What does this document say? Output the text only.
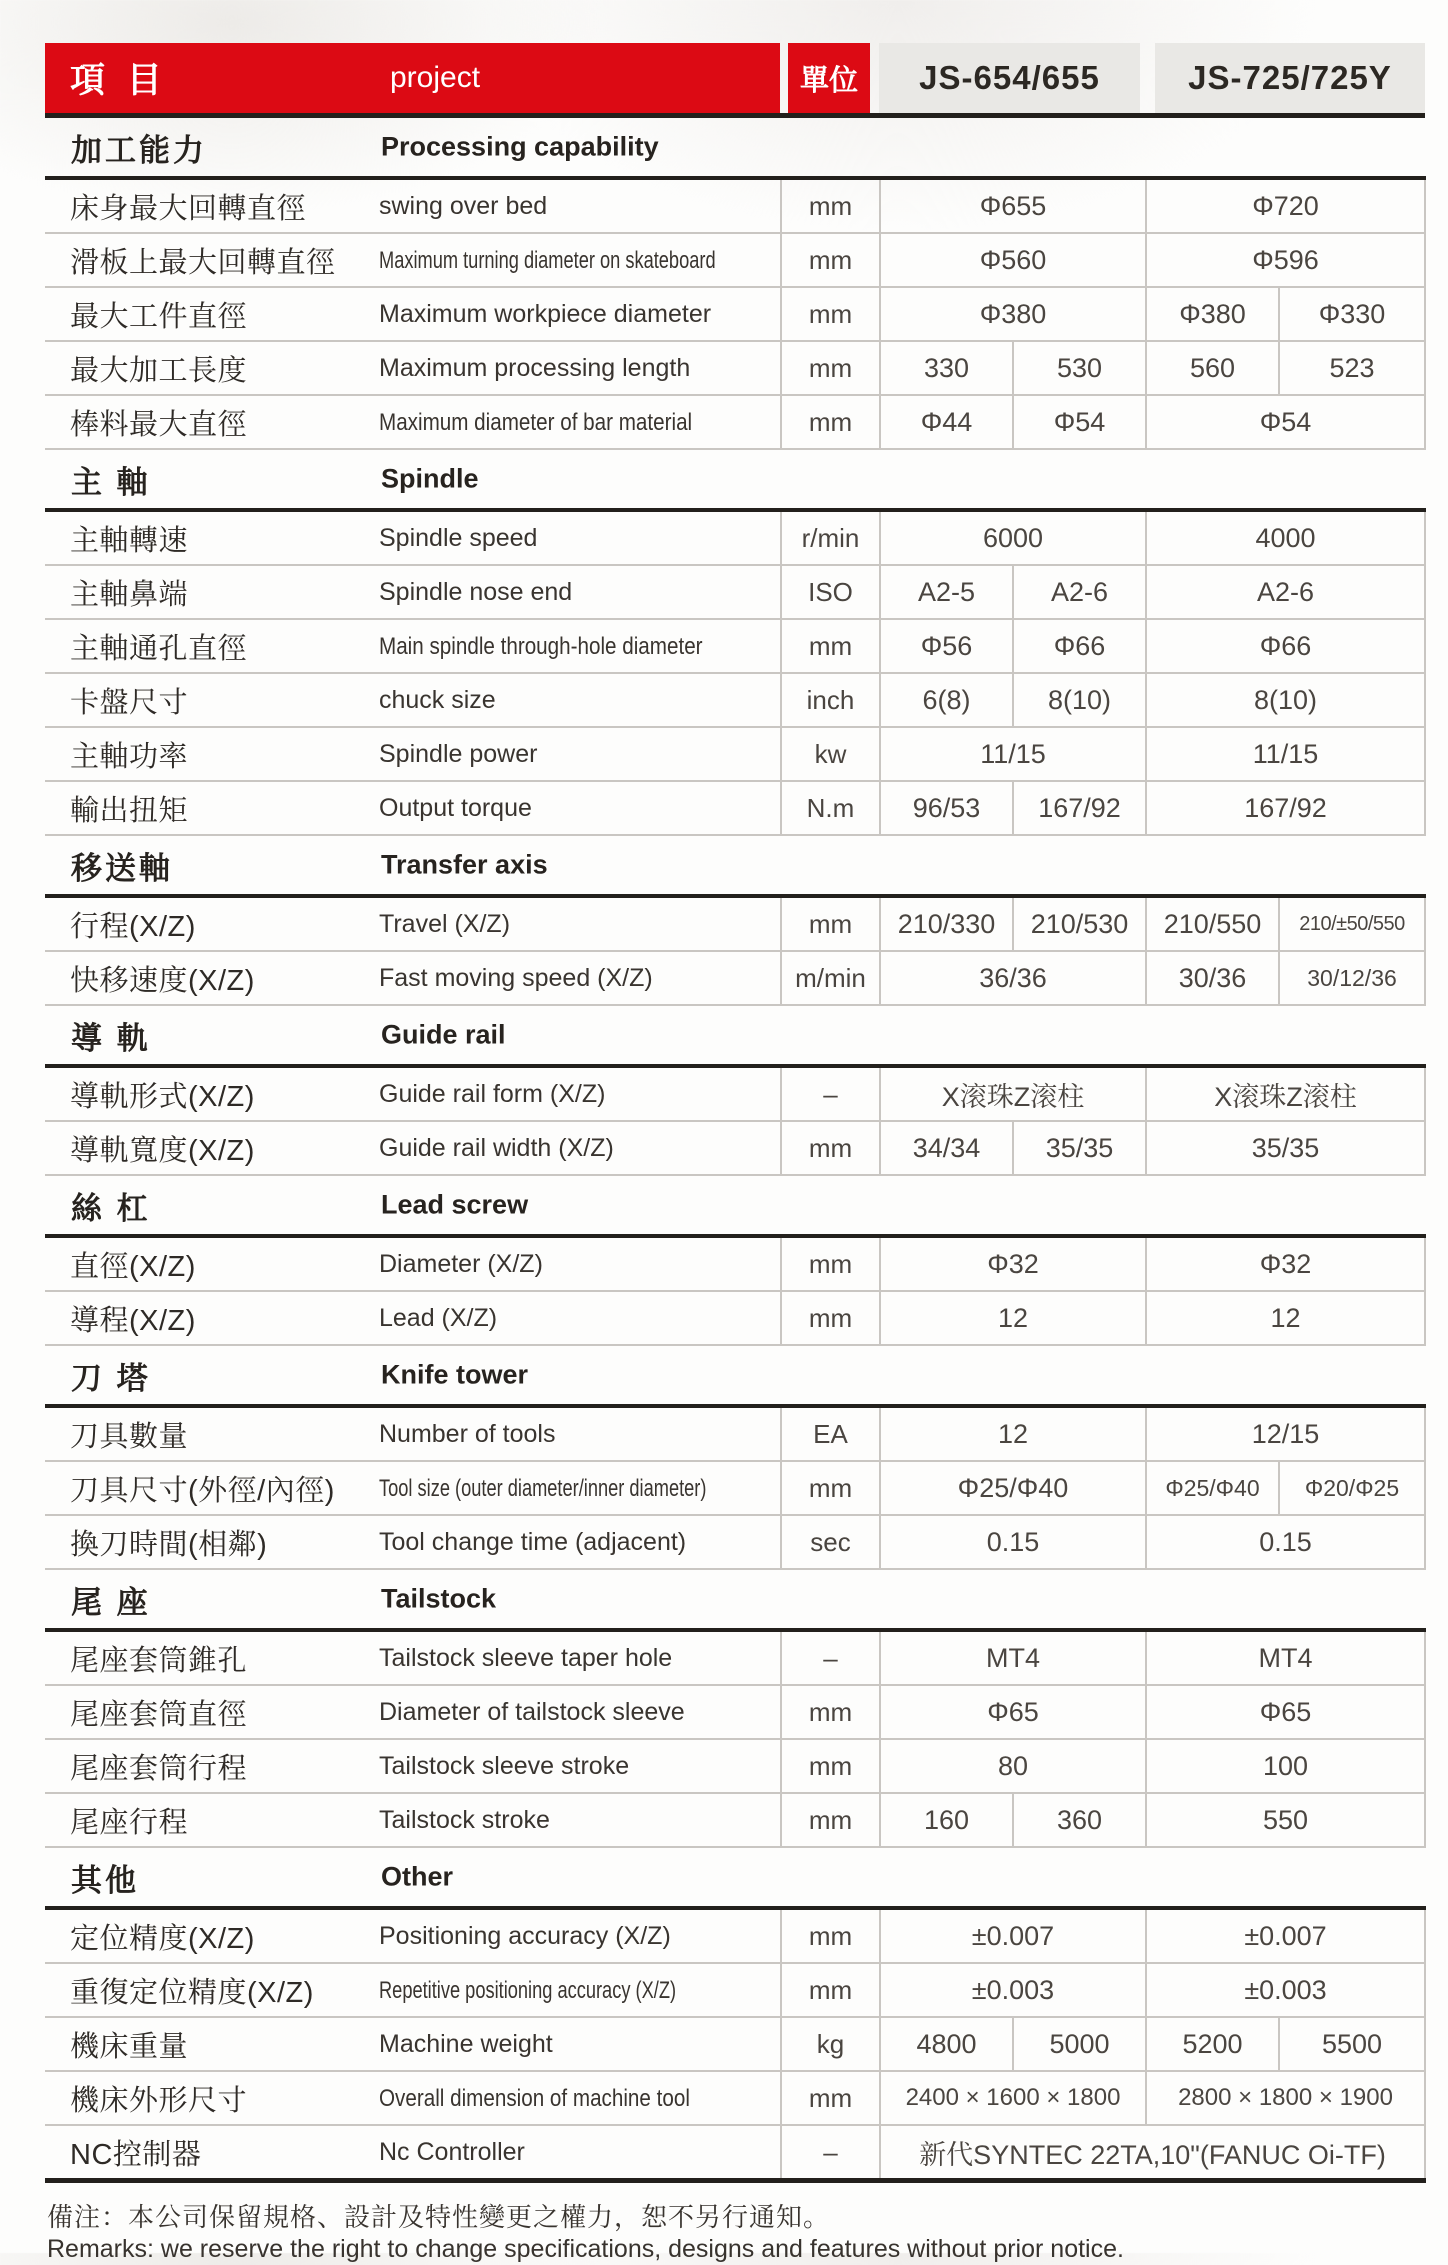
項 目	project	單位	JS-654/655	JS-725/725Y
加工能力 Processing capability						

床身最大回轉直徑	swing over bed	mm	Φ655		Φ720	
滑板上最大回轉直徑	Maximum turning diameter on skateboard	mm	Φ560		Φ596	
最大工件直徑	Maximum workpiece diameter	mm	Φ380		Φ380	Φ330
最大加工長度	Maximum processing length	mm	330	530	560	523
棒料最大直徑	Maximum diameter of bar material	mm	Φ44	Φ54	Φ54	
主 軸 Spindle						

主軸轉速	Spindle speed	r/min	6000		4000	
主軸鼻端	Spindle nose end	ISO	A2-5	A2-6	A2-6	
主軸通孔直徑	Main spindle through-hole diameter	mm	Φ56	Φ66	Φ66	
卡盤尺寸	chuck size	inch	6(8)	8(10)	8(10)	
主軸功率	Spindle power	kw	11/15		11/15	
輸出扭矩	Output torque	N.m	96/53	167/92	167/92	
移送軸 Transfer axis						

行程(X/Z)	Travel (X/Z)	mm	210/330	210/530	210/550	210/±50/550
快移速度(X/Z)	Fast moving speed (X/Z)	m/min	36/36		30/36	30/12/36
導 軌 Guide rail						

導軌形式(X/Z)	Guide rail form (X/Z)	–	X滚珠Z滚柱		X滚珠Z滚柱	
導軌寬度(X/Z)	Guide rail width (X/Z)	mm	34/34	35/35	35/35	
絲 杠 Lead screw						

直徑(X/Z)	Diameter (X/Z)	mm	Φ32		Φ32	
導程(X/Z)	Lead (X/Z)	mm	12		12	
刀 塔 Knife tower						

刀具數量	Number of tools	EA	12		12/15	
刀具尺寸(外徑/內徑)	Tool size (outer diameter/inner diameter)	mm	Φ25/Φ40		Φ25/Φ40	Φ20/Φ25
換刀時間(相鄰)	Tool change time (adjacent)	sec	0.15		0.15	
尾 座 Tailstock						

尾座套筒錐孔	Tailstock sleeve taper hole	–	MT4		MT4	
尾座套筒直徑	Diameter of tailstock sleeve	mm	Φ65		Φ65	
尾座套筒行程	Tailstock sleeve stroke	mm	80		100	
尾座行程	Tailstock stroke	mm	160	360	550	
其他 Other						

定位精度(X/Z)	Positioning accuracy (X/Z)	mm	±0.007		±0.007	
重復定位精度(X/Z)	Repetitive positioning accuracy (X/Z)	mm	±0.003		±0.003	
機床重量	Machine weight	kg	4800	5000	5200	5500
機床外形尺寸	Overall dimension of machine tool	mm	2400 × 1600 × 1800		2800 × 1800 × 1900	
NC控制器	Nc Controller	–	新代SYNTEC 22TA,10"(FANUC Oi-TF)			
備注：本公司保留規格、設計及特性變更之權力，恕不另行通知。
Remarks: we reserve the right to change specifications, designs and features without prior notice.
